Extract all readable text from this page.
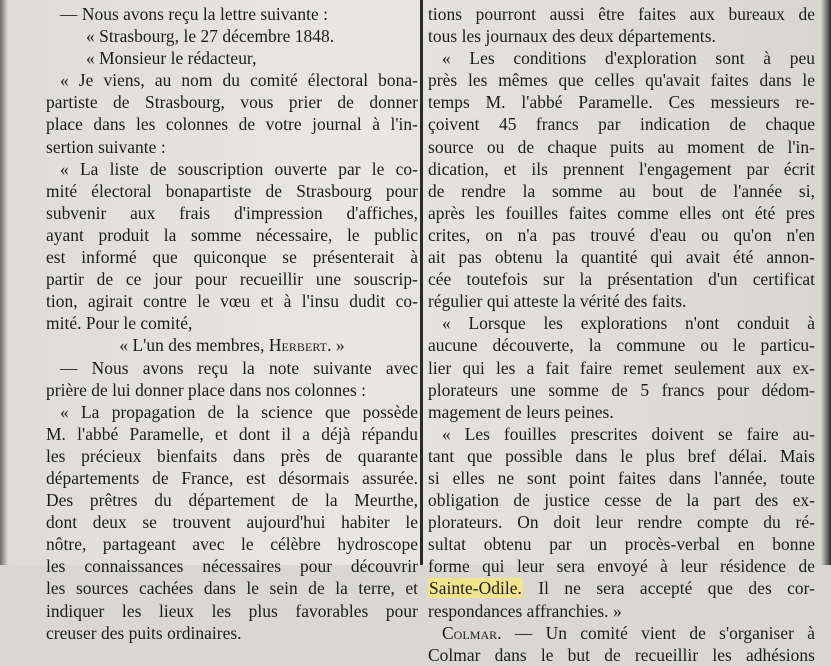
— Nous avons reçu la lettre suivante :
« Strasbourg, le 27 décembre 1848.
« Monsieur le rédacteur,
« Je viens, au nom du comité électoral bona-
partiste de Strasbourg, vous prier de donner
place dans les colonnes de votre journal à l'in-
sertion suivante :
« La liste de souscription ouverte par le co-
mité électoral bonapartiste de Strasbourg pour
subvenir aux frais d'impression d'affiches,
ayant produit la somme nécessaire, le public
est informé que quiconque se présenterait à
partir de ce jour pour recueillir une souscrip-
tion, agirait contre le vœu et à l'insu dudit co-
mité. Pour le comité,
« L'un des membres, Herbert. »
— Nous avons reçu la note suivante avec
prière de lui donner place dans nos colonnes :
« La propagation de la science que possède
M. l'abbé Paramelle, et dont il a déjà répandu
les précieux bienfaits dans près de quarante
départements de France, est désormais assurée.
Des prêtres du département de la Meurthe,
dont deux se trouvent aujourd'hui habiter le
nôtre, partageant avec le célèbre hydroscope
les connaissances nécessaires pour découvrir
les sources cachées dans le sein de la terre, et
indiquer les lieux les plus favorables pour
creuser des puits ordinaires.
tions pourront aussi être faites aux bureaux de
tous les journaux des deux départements.
« Les conditions d'exploration sont à peu
près les mêmes que celles qu'avait faites dans le
temps M. l'abbé Paramelle. Ces messieurs re-
çoivent 45 francs par indication de chaque
source ou de chaque puits au moment de l'in-
dication, et ils prennent l'engagement par écrit
de rendre la somme au bout de l'année si,
après les fouilles faites comme elles ont été pres
crites, on n'a pas trouvé d'eau ou qu'on n'en
ait pas obtenu la quantité qui avait été annon-
cée toutefois sur la présentation d'un certificat
régulier qui atteste la vérité des faits.
« Lorsque les explorations n'ont conduit à
aucune découverte, la commune ou le particu-
lier qui les a fait faire remet seulement aux ex-
plorateurs une somme de 5 francs pour dédom-
magement de leurs peines.
« Les fouilles prescrites doivent se faire au-
tant que possible dans le plus bref délai. Mais
si elles ne sont point faites dans l'année, toute
obligation de justice cesse de la part des ex-
plorateurs. On doit leur rendre compte du ré-
sultat obtenu par un procès-verbal en bonne
forme qui leur sera envoyé à leur résidence de
Sainte-Odile. Il ne sera accepté que des cor-
respondances affranchies. »
Colmar. — Un comité vient de s'organiser à
Colmar dans le but de recueillir les adhésions
